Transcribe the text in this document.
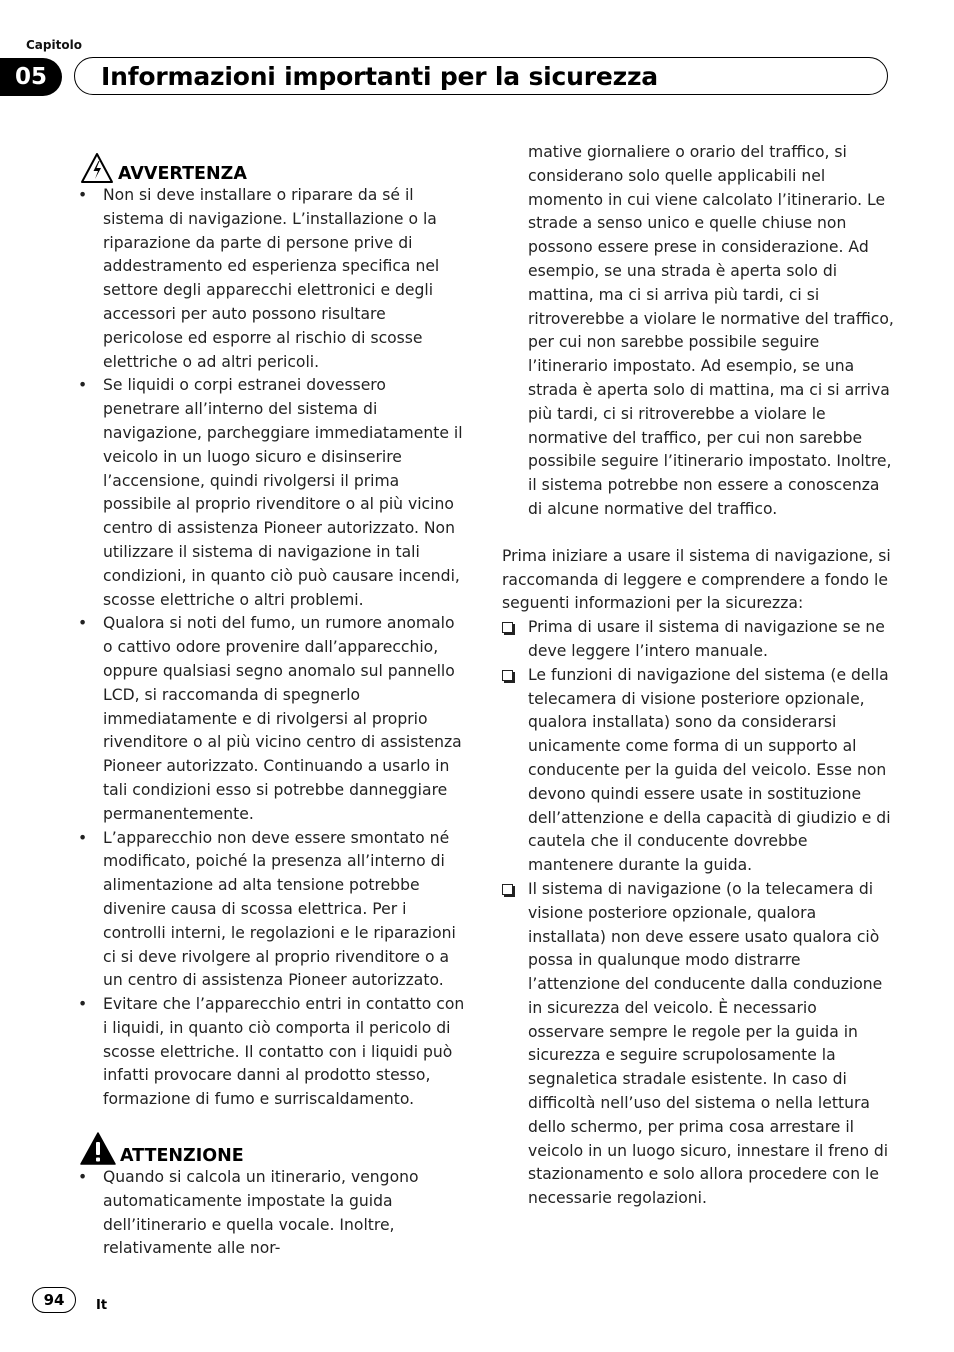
Capitolo
05	Informazioni importanti per la sicurezza
AVVERTENZA
• Non si deve installare o riparare da sé il sistema di navigazione. L’installazione o la riparazione da parte di persone prive di addestramento ed esperienza specifica nel settore degli apparecchi elettronici e degli accessori per auto possono risultare pericolose ed esporre al rischio di scosse elettriche o ad altri pericoli.
• Se liquidi o corpi estranei dovessero penetrare all’interno del sistema di navigazione, parcheggiare immediatamente il veicolo in un luogo sicuro e disinserire l’accensione, quindi rivolgersi il prima possibile al proprio rivenditore o al più vicino centro di assistenza Pioneer autorizzato. Non utilizzare il sistema di navigazione in tali condizioni, in quanto ciò può causare incendi, scosse elettriche o altri problemi.
• Qualora si noti del fumo, un rumore anomalo o cattivo odore provenire dall’apparecchio, oppure qualsiasi segno anomalo sul pannello LCD, si raccomanda di spegnerlo immediatamente e di rivolgersi al proprio rivenditore o al più vicino centro di assistenza Pioneer autorizzato. Continuando a usarlo in tali condizioni esso si potrebbe danneggiare permanentemente.
• L’apparecchio non deve essere smontato né modificato, poiché la presenza all’interno di alimentazione ad alta tensione potrebbe divenire causa di scossa elettrica. Per i controlli interni, le regolazioni e le riparazioni ci si deve rivolgere al proprio rivenditore o a un centro di assistenza Pioneer autorizzato.
• Evitare che l’apparecchio entri in contatto con i liquidi, in quanto ciò comporta il pericolo di scosse elettriche. Il contatto con i liquidi può infatti provocare danni al prodotto stesso, formazione di fumo e surriscaldamento.
ATTENZIONE
• Quando si calcola un itinerario, vengono automaticamente impostate la guida dell’itinerario e quella vocale. Inoltre, relativamente alle nor-
mative giornaliere o orario del traffico, si considerano solo quelle applicabili nel momento in cui viene calcolato l’itinerario. Le strade a senso unico e quelle chiuse non possono essere prese in considerazione. Ad esempio, se una strada è aperta solo di mattina, ma ci si arriva più tardi, ci si ritroverebbe a violare le normative del traffico, per cui non sarebbe possibile seguire l’itinerario impostato. Ad esempio, se una strada è aperta solo di mattina, ma ci si arriva più tardi, ci si ritroverebbe a violare le normative del traffico, per cui non sarebbe possibile seguire l’itinerario impostato. Inoltre, il sistema potrebbe non essere a conoscenza di alcune normative del traffico.

Prima iniziare a usare il sistema di navigazione, si raccomanda di leggere e comprendere a fondo le seguenti informazioni per la sicurezza:

Prima di usare il sistema di navigazione se ne deve leggere l’intero manuale.
Le funzioni di navigazione del sistema (e della telecamera di visione posteriore opzionale, qualora installata) sono da considerarsi unicamente come forma di un supporto al conducente per la guida del veicolo. Esse non devono quindi essere usate in sostituzione dell’attenzione e della capacità di giudizio e di cautela che il conducente dovrebbe mantenere durante la guida.
Il sistema di navigazione (o la telecamera di visione posteriore opzionale, qualora installata) non deve essere usato qualora ciò possa in qualunque modo distrarre l’attenzione del conducente dalla conduzione in sicurezza del veicolo. È necessario osservare sempre le regole per la guida in sicurezza e seguire scrupolosamente la segnaletica stradale esistente. In caso di difficoltà nell’uso del sistema o nella lettura dello schermo, per prima cosa arrestare il veicolo in un luogo sicuro, innestare il freno di stazionamento e solo allora procedere con le necessarie regolazioni.
94	It
